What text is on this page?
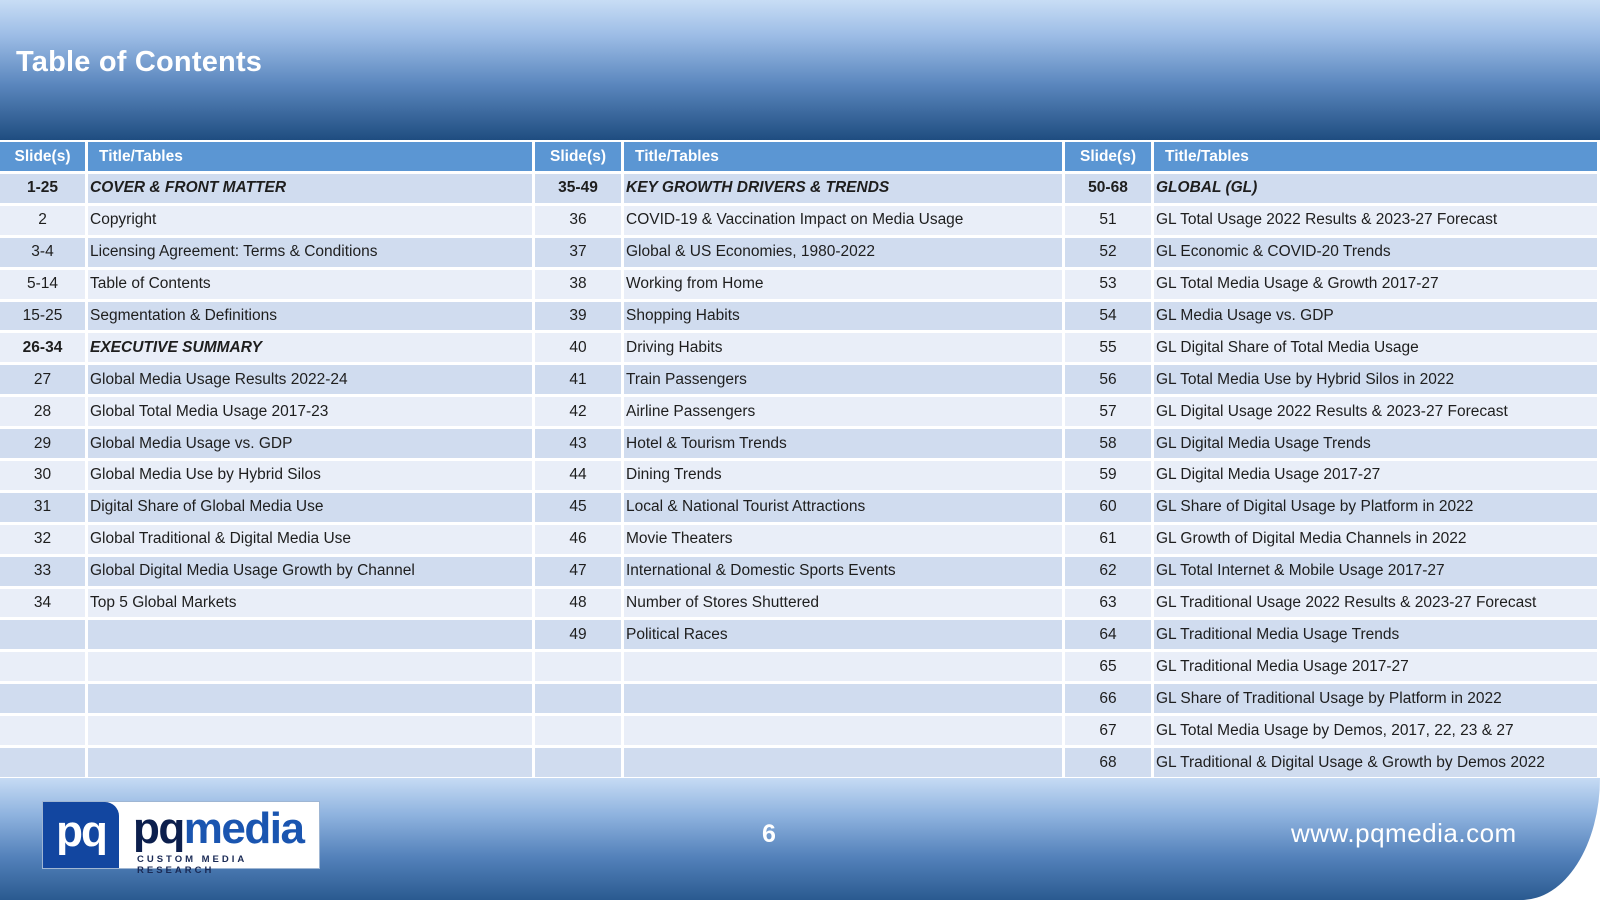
Table of Contents
Slide(s)	Title/Tables
1-25	COVER & FRONT MATTER
2	Copyright
3-4	Licensing Agreement: Terms & Conditions
5-14	Table of Contents
15-25	Segmentation & Definitions
26-34	EXECUTIVE SUMMARY
27	Global Media Usage Results 2022-24
28	Global Total Media Usage 2017-23
29	Global Media Usage vs. GDP
30	Global Media Use by Hybrid Silos
31	Digital Share of Global Media Use
32	Global Traditional & Digital Media Use
33	Global Digital Media Usage Growth by Channel
34	Top 5 Global Markets

Slide(s)	Title/Tables
35-49	KEY GROWTH DRIVERS & TRENDS
36	COVID-19 & Vaccination Impact on Media Usage
37	Global & US Economies, 1980-2022
38	Working from Home
39	Shopping Habits
40	Driving Habits
41	Train Passengers
42	Airline Passengers
43	Hotel & Tourism Trends
44	Dining Trends
45	Local & National Tourist Attractions
46	Movie Theaters
47	International & Domestic Sports Events
48	Number of Stores Shuttered
49	Political Races

Slide(s)	Title/Tables
50-68	GLOBAL (GL)
51	GL Total Usage 2022 Results & 2023-27 Forecast
52	GL Economic & COVID-20 Trends
53	GL Total Media Usage & Growth 2017-27
54	GL Media Usage vs. GDP
55	GL Digital Share of Total Media Usage
56	GL Total Media Use by Hybrid Silos in 2022
57	GL Digital Usage 2022 Results & 2023-27 Forecast
58	GL Digital Media Usage Trends
59	GL Digital Media Usage 2017-27
60	GL Share of Digital Usage by Platform in 2022
61	GL Growth of Digital Media Channels in 2022
62	GL Total Internet & Mobile Usage 2017-27
63	GL Traditional Usage 2022 Results & 2023-27 Forecast
64	GL Traditional Media Usage Trends
65	GL Traditional Media Usage 2017-27
66	GL Share of Traditional Usage by Platform in 2022
67	GL Total Media Usage by Demos, 2017, 22, 23 & 27
68	GL Traditional & Digital Usage & Growth by Demos 2022
pq pqmedia
CUSTOM MEDIA RESEARCH
6	www.pqmedia.com
